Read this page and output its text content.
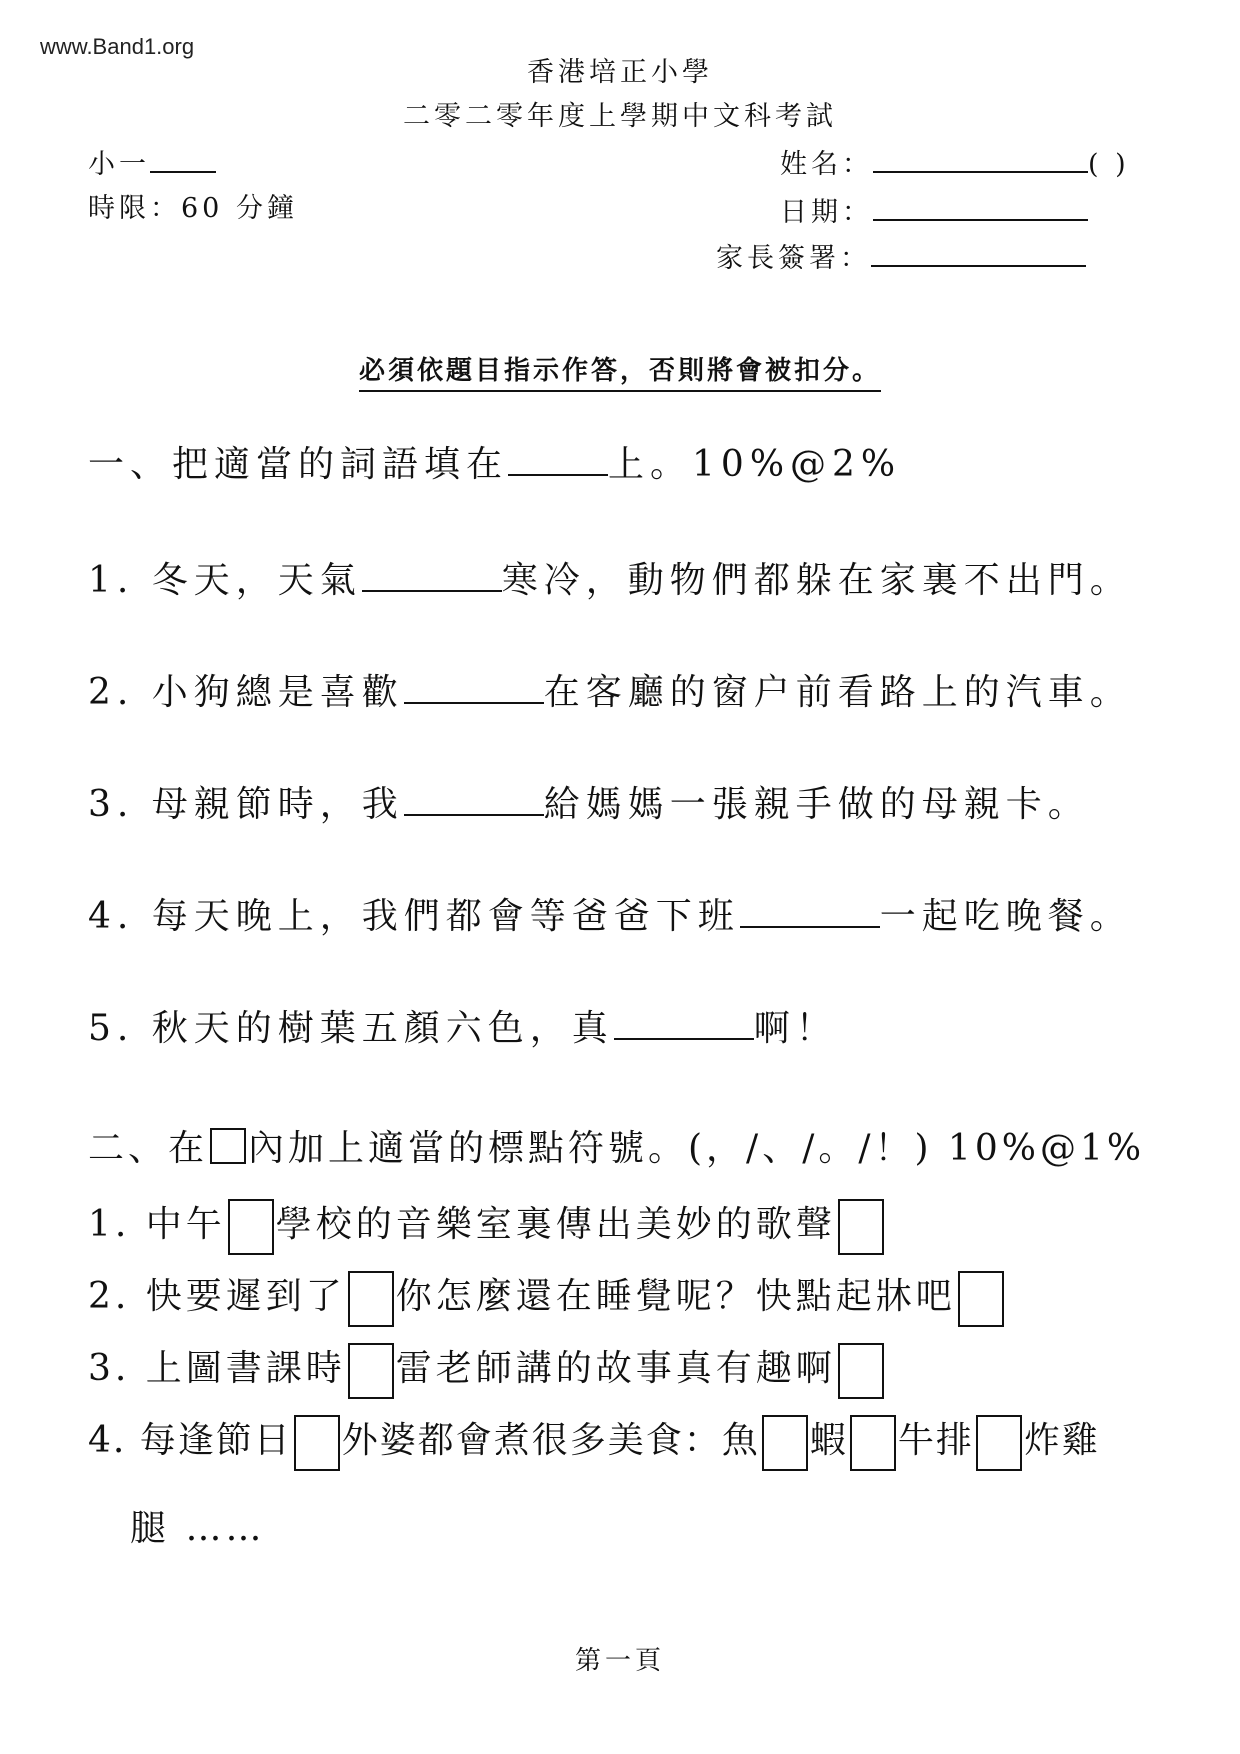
www.Band1.org
香港培正小學
二零二零年度上學期中文科考試
小一
時限：60 分鐘
姓名：	( )
日期：
家長簽署：
必須依題目指示作答，否則將會被扣分。
一、把適當的詞語填在	上。10%@2%
1. 冬天，天氣	寒冷，動物們都躲在家裏不出門。
2. 小狗總是喜歡	在客廳的窗户前看路上的汽車。
3. 母親節時，我	給媽媽一張親手做的母親卡。
4. 每天晚上，我們都會等爸爸下班	一起吃晚餐。
5. 秋天的樹葉五顏六色，真	啊！
二、在 內加上適當的標點符號。(，/、/。/！) 10%@1%
1. 中午 學校的音樂室裏傳出美妙的歌聲
2. 快要遲到了 你怎麼還在睡覺呢？快點起牀吧
3. 上圖書課時 雷老師講的故事真有趣啊
4. 每逢節日 外婆都會煮很多美食：魚 蝦 牛排 炸雞
腿 ……
第一頁
